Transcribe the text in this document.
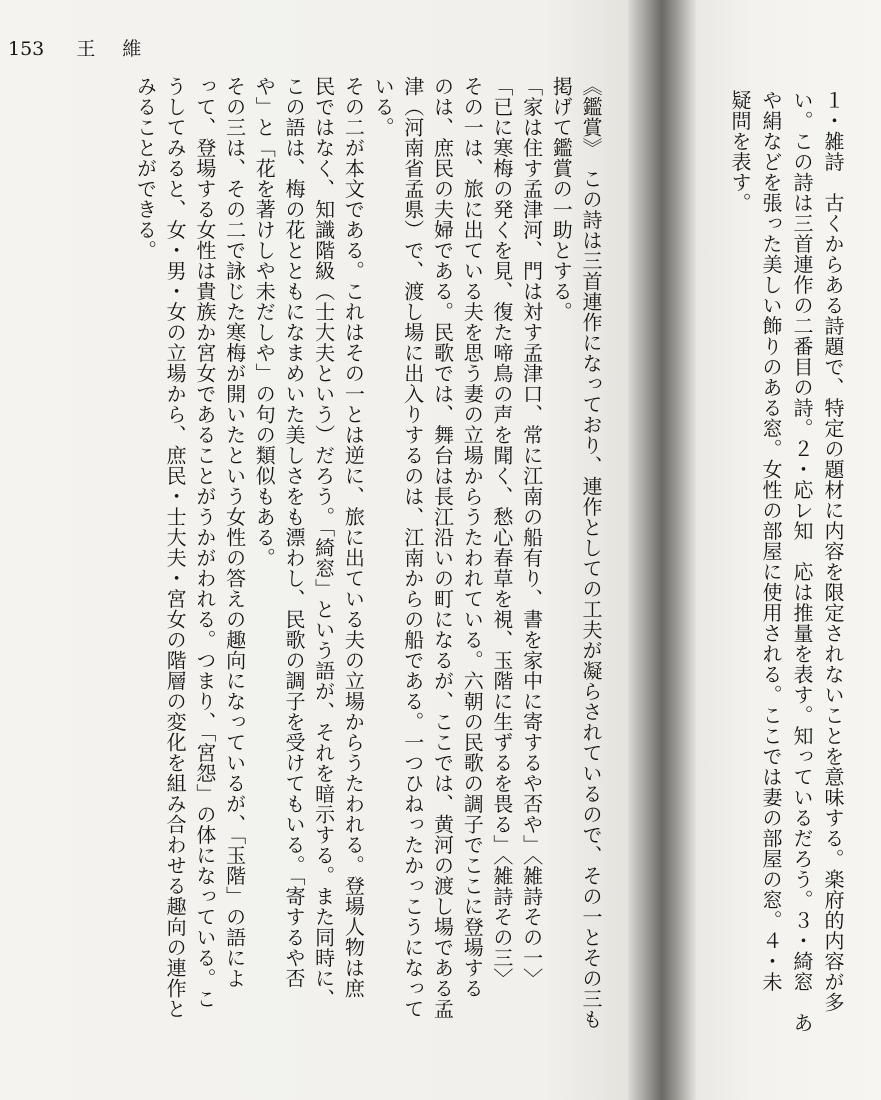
153 王　維
《鑑賞》　この詩は三首連作になっており、連作としての工夫が凝らされているので、その一とその三も
掲げて鑑賞の一助とする。
「家は住す孟津河、門は対す孟津口、常に江南の船有り、書を家中に寄するや否や」〈雑詩その一〉
「已に寒梅の発くを見、復た啼鳥の声を聞く、愁心春草を視、玉階に生ずるを畏る」〈雑詩その三〉
その一は、旅に出ている夫を思う妻の立場からうたわれている。六朝の民歌の調子でここに登場する
のは、庶民の夫婦である。民歌では、舞台は長江沿いの町になるが、ここでは、黄河の渡し場である孟
津（河南省孟県）で、渡し場に出入りするのは、江南からの船である。一つひねったかっこうになって
いる。
その二が本文である。これはその一とは逆に、旅に出ている夫の立場からうたわれる。登場人物は庶
民ではなく、知識階級（士大夫という）だろう。「綺窓」という語が、それを暗示する。また同時に、
この語は、梅の花とともになまめいた美しさをも漂わし、民歌の調子を受けてもいる。「寄するや否
や」と「花を著けしや未だしや」の句の類似もある。
その三は、その二で詠じた寒梅が開いたという女性の答えの趣向になっているが、「玉階」の語によ
って、登場する女性は貴族か宮女であることがうかがわれる。つまり、「宮怨」の体になっている。こ
うしてみると、女・男・女の立場から、庶民・士大夫・宮女の階層の変化を組み合わせる趣向の連作と
みることができる。	１・雑詩　古くからある詩題で、特定の題材に内容を限定されないことを意味する。楽府的内容が多
い。この詩は三首連作の二番目の詩。２・応レ知　応は推量を表す。知っているだろう。３・綺窓　あ
や絹などを張った美しい飾りのある窓。女性の部屋に使用される。ここでは妻の部屋の窓。４・未
疑問を表す。
